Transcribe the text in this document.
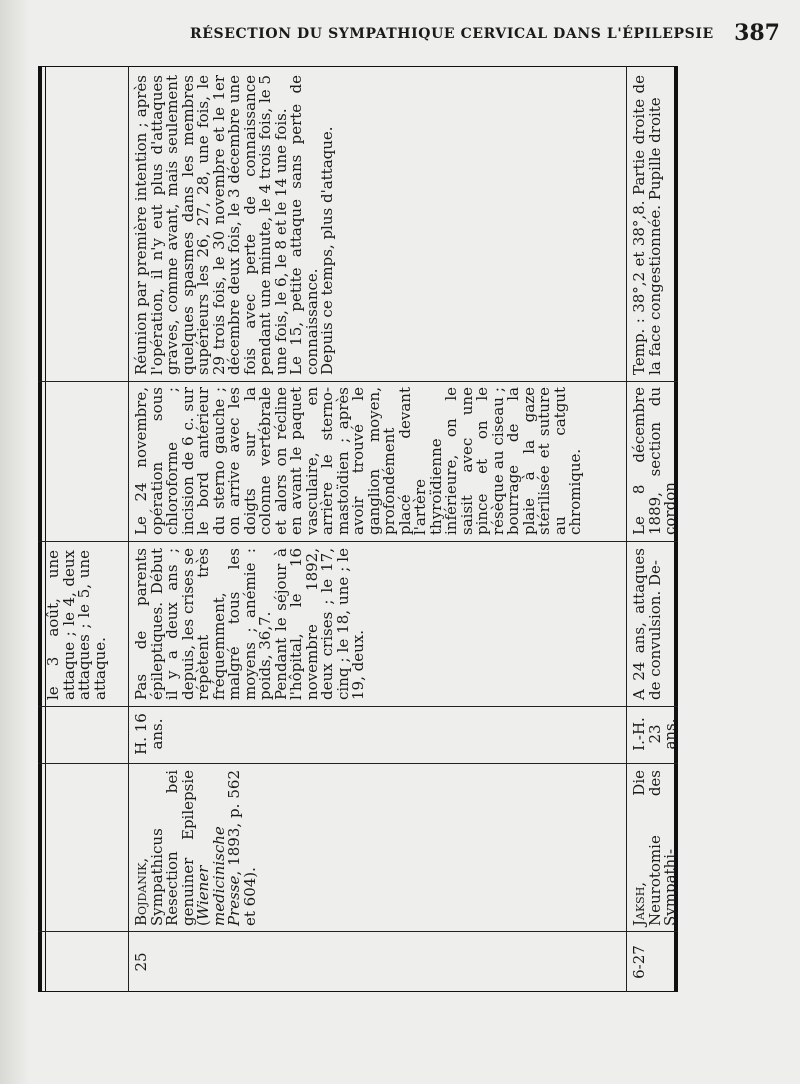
RÉSECTION DU SYMPATHIQUE CERVICAL DANS L'ÉPILEPSIE 387

le 3 août, une attaque ; le 4, deux attaques ; le 5, une attaque.

25

Bojdanik, Sympathicus Resection bei genuiner Epilepsie (Wiener medicinische Presse, 1893, p. 562 et 604).

H. 16 ans.

Pas de parents épileptiques. Début il y a deux ans ; depuis, les crises se répètent très fréquemment, malgré tous les moyens ; anémie : poids, 36,7.

Pendant le séjour à l'hôpital, le 16 novembre 1892, deux crises ; le 17, cinq ; le 18, une ; le 19, deux.

Le 24 novembre, opération sous chloroforme ; incision de 6 c. sur le bord antérieur du sterno gauche ; on arrive avec les doigts sur la colonne vertébrale et alors on récline en avant le paquet vasculaire, en arrière le sterno-mastoïdien ; après avoir trouvé le ganglion moyen, profondément placé devant l'artère thyroïdienne inférieure, on le saisit avec une pince et on le résèque au ciseau ; bourrage de la plaie à la gaze stérilisée et suture au catgut chromique.

Réunion par première intention ; après l'opération, il n'y eut plus d'attaques graves, comme avant, mais seulement quelques spasmes dans les membres supérieurs les 26, 27, 28, une fois, le 29 trois fois, le 30 novembre et le 1er décembre deux fois, le 3 décembre une fois avec perte de connaissance pendant une minute, le 4 trois fois, le 5 une fois, le 6, le 8 et le 14 une fois.

Le 15, petite attaque sans perte de connaissance.

Depuis ce temps, plus d'attaque.

6-27

Jaksh, Die Neurotomie des Sympathi-

I.-H. 23 ans.
A 24 ans, attaques de convulsion. De-
Le 8 décembre 1889, section du cordon
Temp. : 38°,2 et 38°,8. Partie droite de la face congestionnée. Pupille droite
